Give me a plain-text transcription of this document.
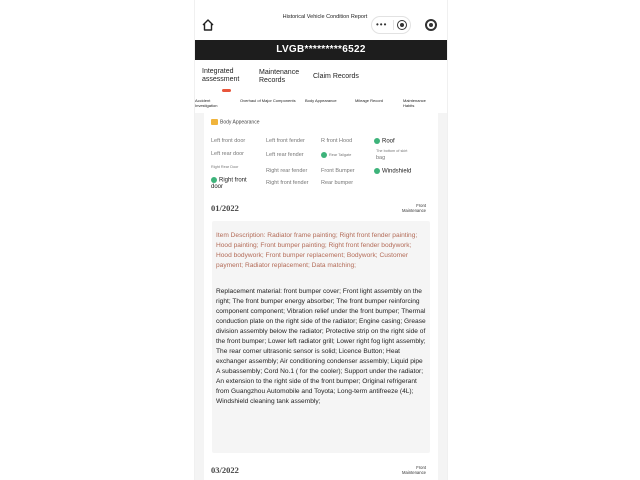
Historical Vehicle Condition Report
•••
LVGB*********6522
Integrated assessment
Maintenance Records
Claim Records
Accident Investigation
Overhaul of Major Components Body Appearance	Mileage Record	Maintenance Habits
Body Appearance
Left front door
Left rear door
Right Rear Door
Right front door
Left front fender
Left rear fender
Right rear fender
Right front fender
R front Hood
Rear Tailgate
Front Bumper
Rear bumper
Roof
The bottom of skirt
bag
Windshield
01/2022	Front Maintenance
Item Description: Radiator frame painting; Right front fender painting; Hood painting; Front bumper painting; Right front fender bodywork; Hood bodywork; Front bumper replacement; Bodywork; Customer payment; Radiator replacement; Data matching;
Replacement material: front bumper cover; Front light assembly on the right; The front bumper energy absorber; The front bumper reinforcing component component; Vibration relief under the front bumper; Thermal conduction plate on the right side of the radiator; Engine casing; Grease division assembly below the radiator; Protective strip on the right side of the front bumper; Lower left radiator grill; Lower right fog light assembly; The rear corner ultrasonic sensor is solid; Licence Button; Heat exchanger assembly; Air conditioning condenser assembly; Liquid pipe A subassembly; Cord No.1 ( for the cooler); Support under the radiator; An extension to the right side of the front bumper; Original refrigerant from Guangzhou Automobile and Toyota; Long-term antifreeze (4L); Windshield cleaning tank assembly;
03/2022	Front Maintenance
